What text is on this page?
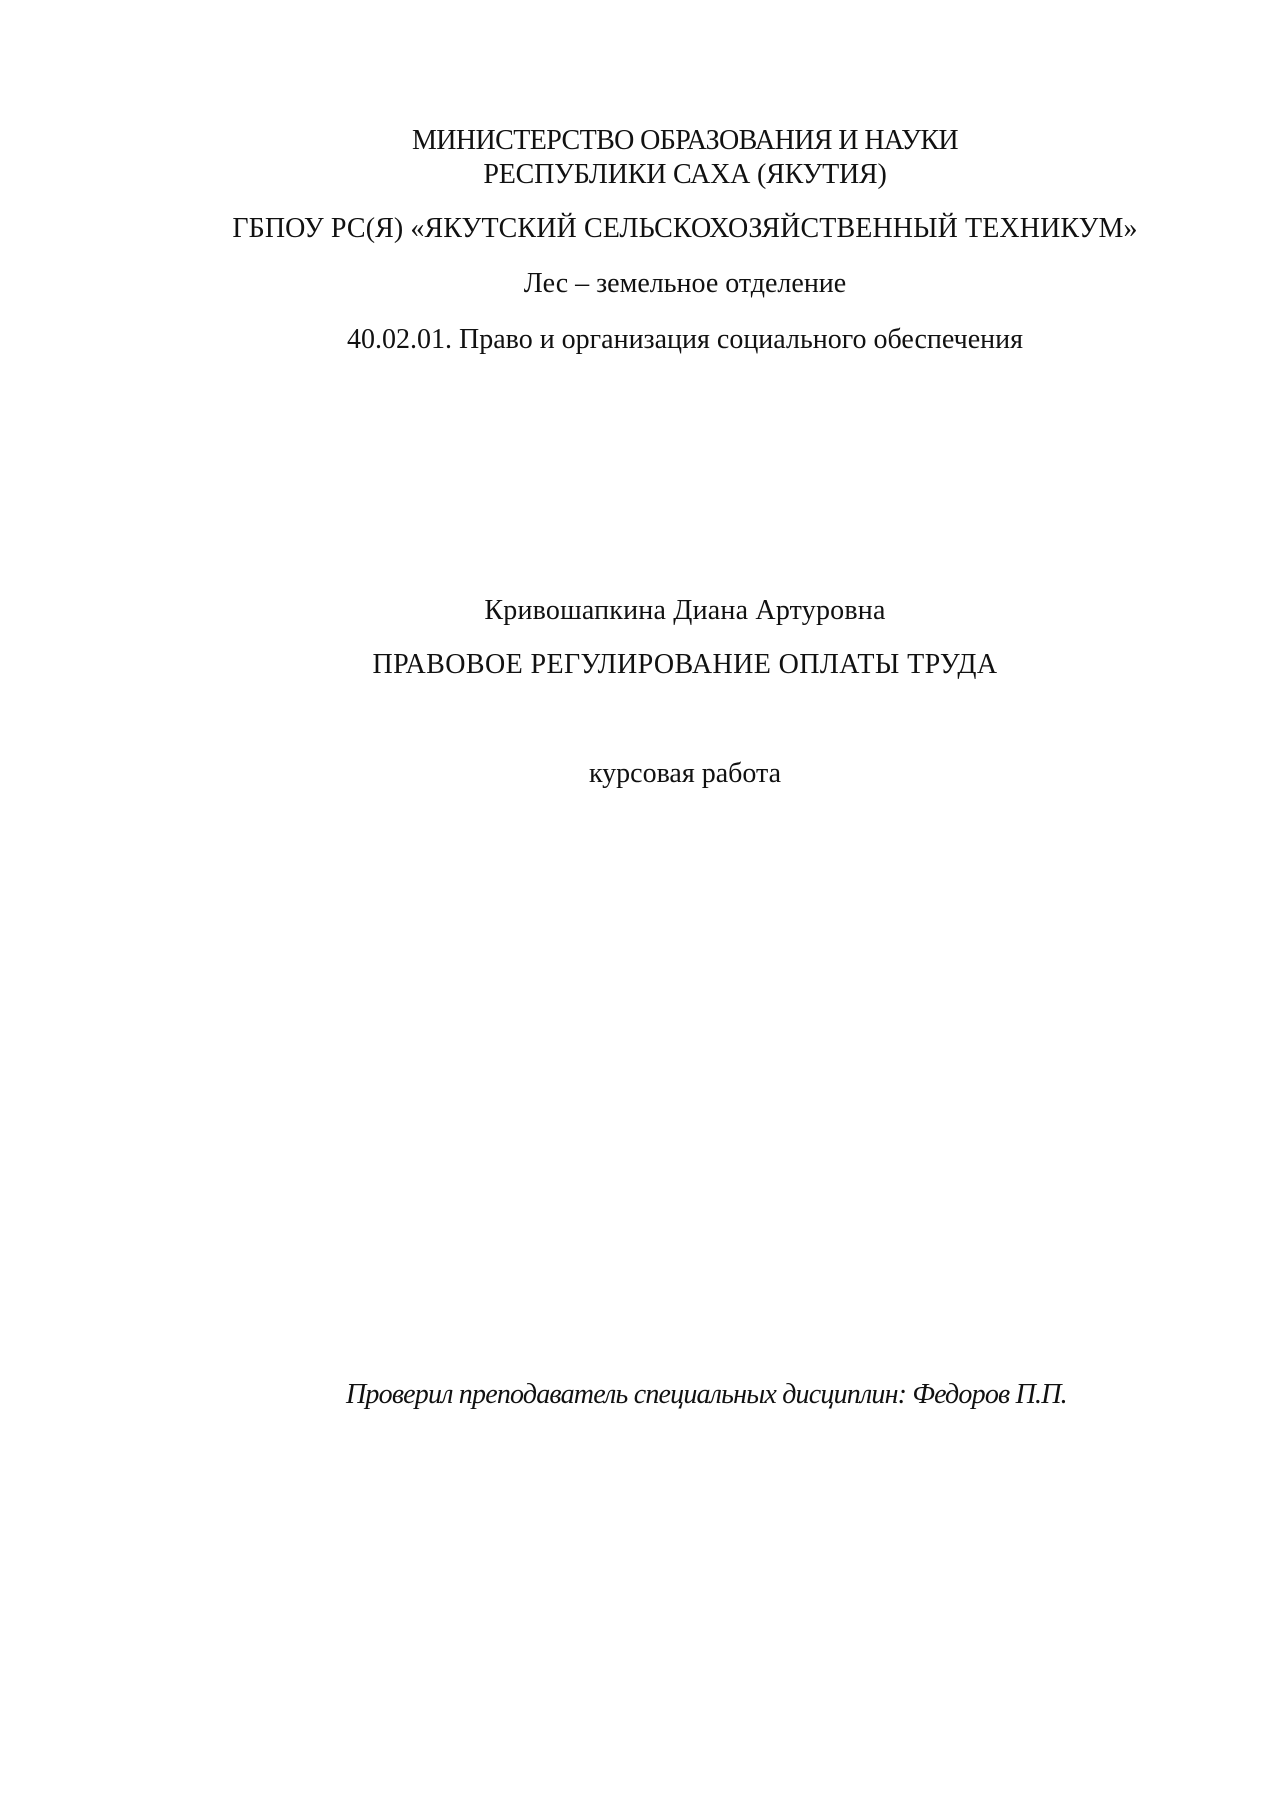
МИНИСТЕРСТВО ОБРАЗОВАНИЯ И НАУКИ
РЕСПУБЛИКИ САХА (ЯКУТИЯ)
ГБПОУ РС(Я) «ЯКУТСКИЙ СЕЛЬСКОХОЗЯЙСТВЕННЫЙ ТЕХНИКУМ»
Лес – земельное отделение
40.02.01. Право и организация социального обеспечения
Кривошапкина Диана Артуровна
ПРАВОВОЕ РЕГУЛИРОВАНИЕ ОПЛАТЫ ТРУДА
курсовая работа
Проверил преподаватель специальных дисциплин: Федоров П.П.
